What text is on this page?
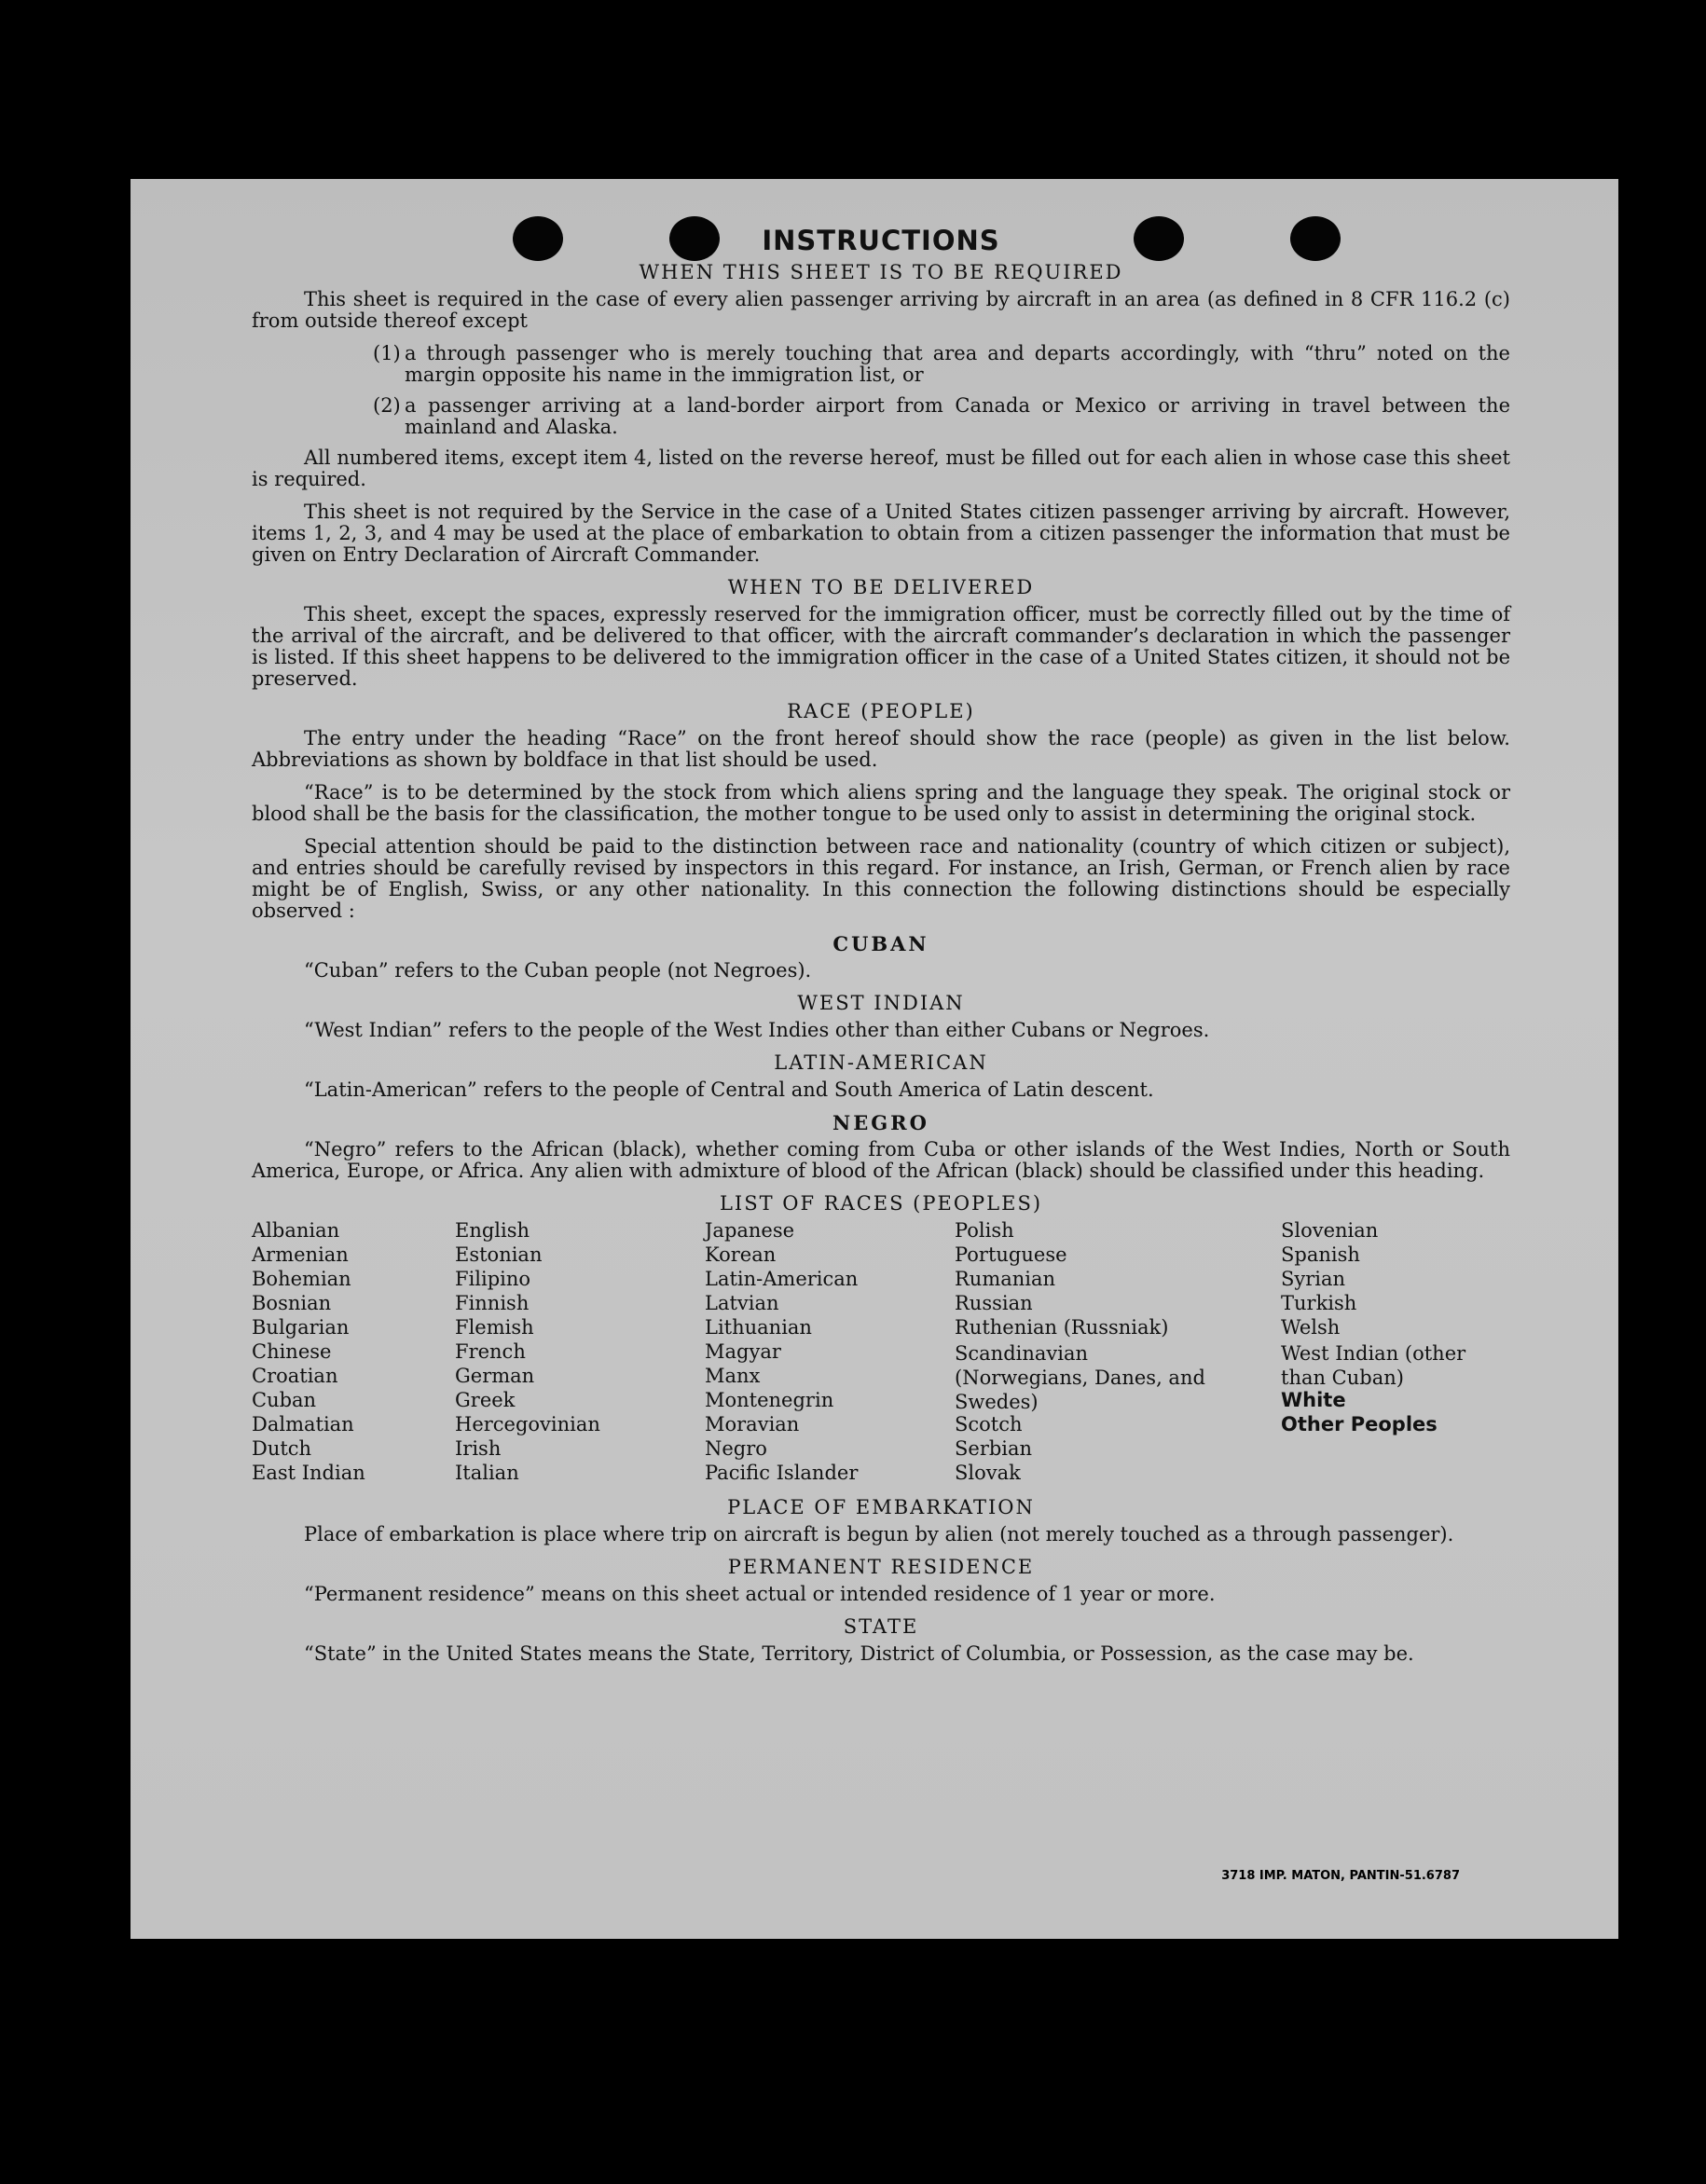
INSTRUCTIONS
WHEN THIS SHEET IS TO BE REQUIRED

This sheet is required in the case of every alien passenger arriving by aircraft in an area (as defined in 8 CFR 116.2 (c) from outside thereof except

(1) a through passenger who is merely touching that area and departs accordingly, with “thru” noted on the margin opposite his name in the immigration list, or
(2) a passenger arriving at a land-border airport from Canada or Mexico or arriving in travel between the mainland and Alaska.

All numbered items, except item 4, listed on the reverse hereof, must be filled out for each alien in whose case this sheet is required.

This sheet is not required by the Service in the case of a United States citizen passenger arriving by aircraft. However, items 1, 2, 3, and 4 may be used at the place of embarkation to obtain from a citizen passenger the information that must be given on Entry Declaration of Aircraft Commander.

WHEN TO BE DELIVERED

This sheet, except the spaces, expressly reserved for the immigration officer, must be correctly filled out by the time of the arrival of the aircraft, and be delivered to that officer, with the aircraft commander’s declaration in which the passenger is listed. If this sheet happens to be delivered to the immigration officer in the case of a United States citizen, it should not be preserved.

RACE (PEOPLE)

The entry under the heading “Race” on the front hereof should show the race (people) as given in the list below. Abbreviations as shown by boldface in that list should be used.

“Race” is to be determined by the stock from which aliens spring and the language they speak. The original stock or blood shall be the basis for the classification, the mother tongue to be used only to assist in determining the original stock.

Special attention should be paid to the distinction between race and nationality (country of which citizen or subject), and entries should be carefully revised by inspectors in this regard. For instance, an Irish, German, or French alien by race might be of English, Swiss, or any other nationality. In this connection the following distinctions should be especially observed :

CUBAN

“Cuban” refers to the Cuban people (not Negroes).

WEST INDIAN

“West Indian” refers to the people of the West Indies other than either Cubans or Negroes.

LATIN-AMERICAN

“Latin-American” refers to the people of Central and South America of Latin descent.

NEGRO

“Negro” refers to the African (black), whether coming from Cuba or other islands of the West Indies, North or South America, Europe, or Africa. Any alien with admixture of blood of the African (black) should be classified under this heading.

LIST OF RACES (PEOPLES)
Albanian
Armenian
Bohemian
Bosnian
Bulgarian
Chinese
Croatian
Cuban
Dalmatian
Dutch
East Indian
English
Estonian
Filipino
Finnish
Flemish
French
German
Greek
Hercegovinian
Irish
Italian
Japanese
Korean
Latin-American
Latvian
Lithuanian
Magyar
Manx
Montenegrin
Moravian
Negro
Pacific Islander
Polish
Portuguese
Rumanian
Russian
Ruthenian (Russniak)
Scandinavian (Norwegians, Danes, and Swedes)
Scotch
Serbian
Slovak
Slovenian
Spanish
Syrian
Turkish
Welsh
West Indian (other than Cuban)
White
Other Peoples
PLACE OF EMBARKATION

Place of embarkation is place where trip on aircraft is begun by alien (not merely touched as a through passenger).

PERMANENT RESIDENCE

“Permanent residence” means on this sheet actual or intended residence of 1 year or more.

STATE

“State” in the United States means the State, Territory, District of Columbia, or Possession, as the case may be.

3718 IMP. MATON, PANTIN-51.6787
